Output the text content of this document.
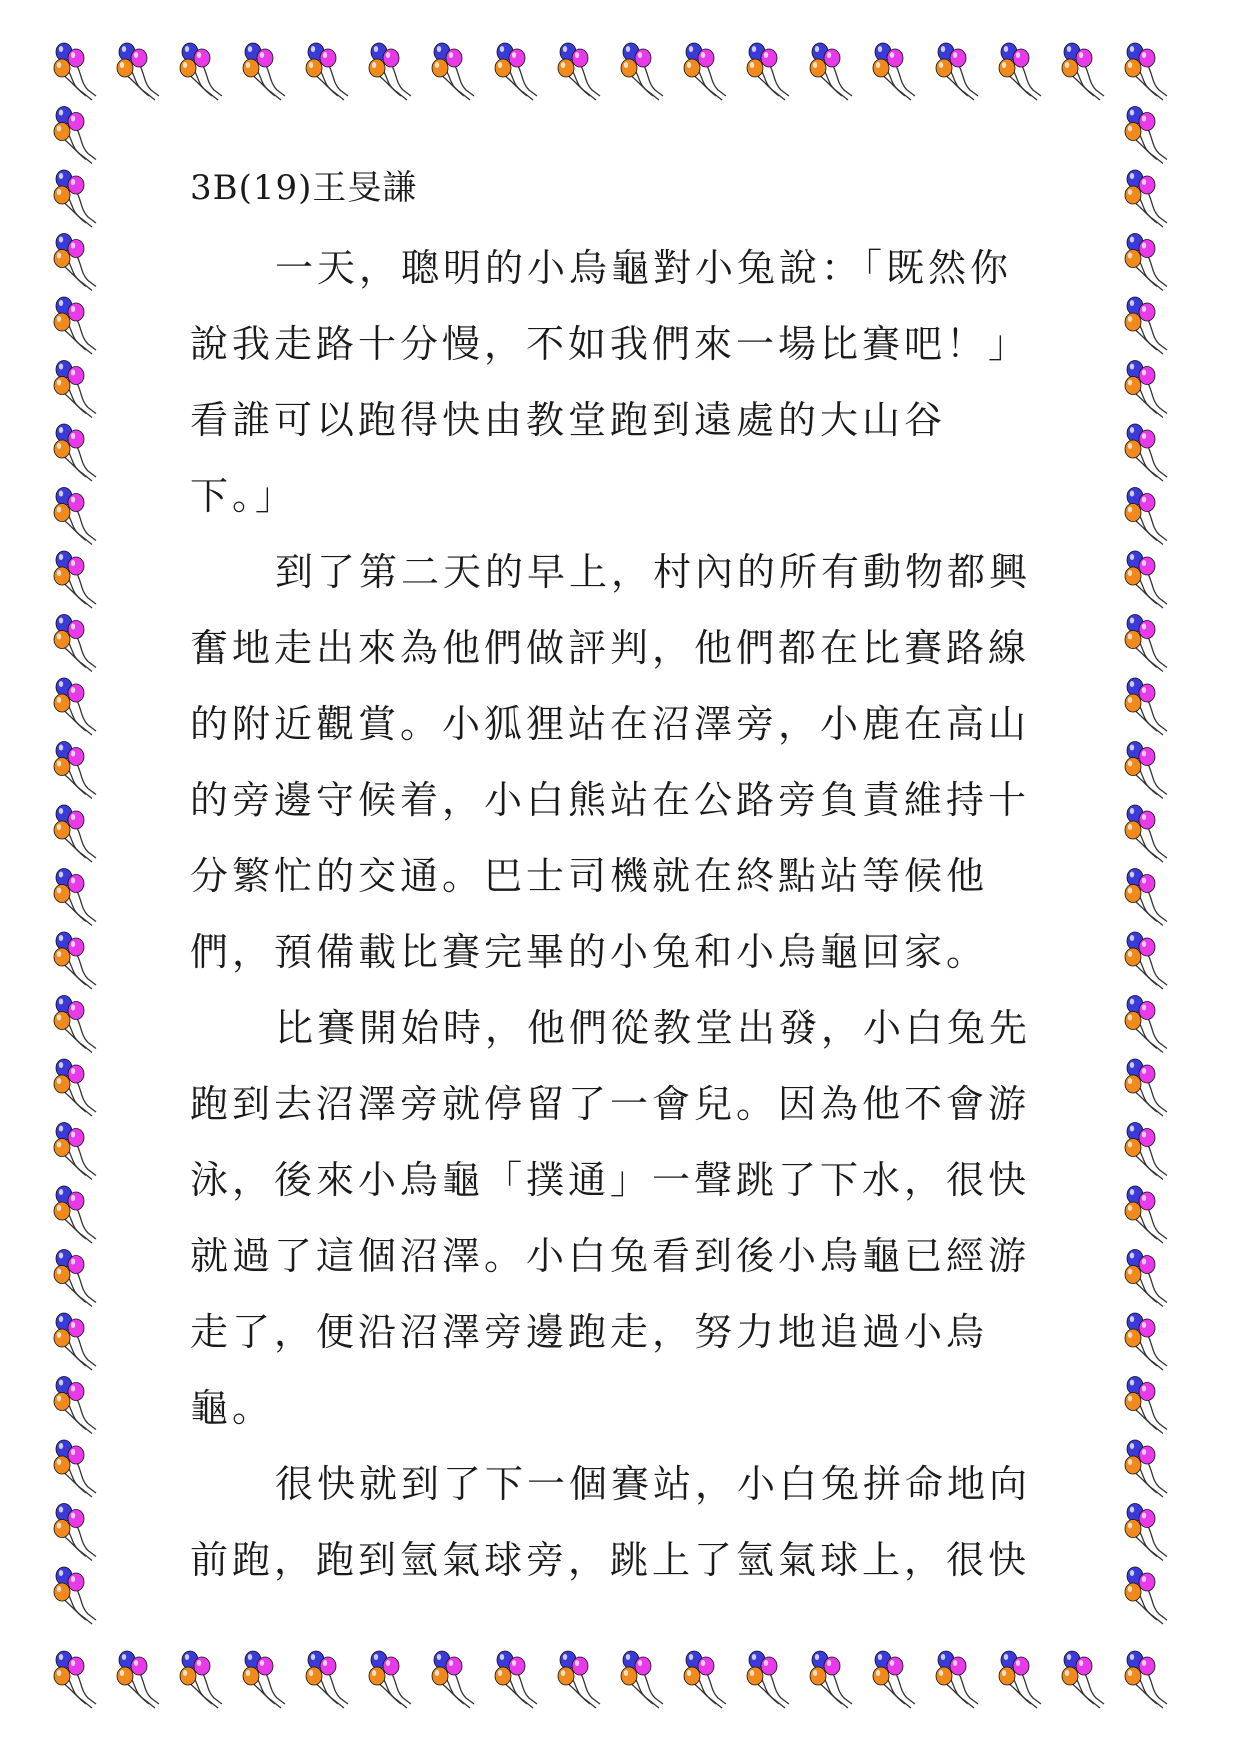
3B(19)王旻謙
一天，聰明的小烏龜對小兔說：「既然你
說我走路十分慢，不如我們來一場比賽吧！」
看誰可以跑得快由教堂跑到遠處的大山谷
下。」
到了第二天的早上，村內的所有動物都興
奮地走出來為他們做評判，他們都在比賽路線
的附近觀賞。小狐狸站在沼澤旁，小鹿在高山
的旁邊守候着，小白熊站在公路旁負責維持十
分繁忙的交通。巴士司機就在終點站等候他
們，預備載比賽完畢的小兔和小烏龜回家。
比賽開始時，他們從教堂出發，小白兔先
跑到去沼澤旁就停留了一會兒。因為他不會游
泳，後來小烏龜「撲通」一聲跳了下水，很快
就過了這個沼澤。小白兔看到後小烏龜已經游
走了，便沿沼澤旁邊跑走，努力地追過小烏
龜。
很快就到了下一個賽站，小白兔拼命地向
前跑，跑到氫氣球旁，跳上了氫氣球上，很快
